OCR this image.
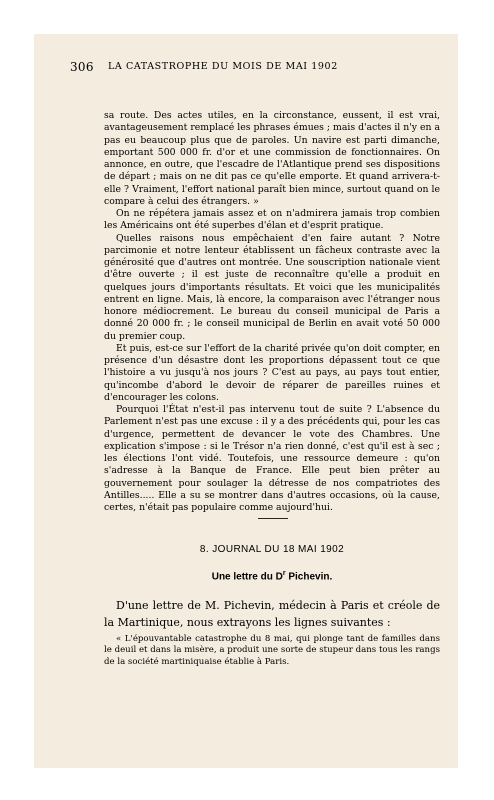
306 LA CATASTROPHE DU MOIS DE MAI 1902

sa route. Des actes utiles, en la circonstance, eussent, il est vrai, avantageusement remplacé les phrases émues ; mais d'actes il n'y en a pas eu beaucoup plus que de paroles. Un navire est parti dimanche, emportant 500 000 fr. d'or et une commission de fonctionnaires. On annonce, en outre, que l'escadre de l'Atlantique prend ses dispositions de départ ; mais on ne dit pas ce qu'elle emporte. Et quand arrivera-t-elle ? Vraiment, l'effort national paraît bien mince, surtout quand on le compare à celui des étrangers. »

On ne répétera jamais assez et on n'admirera jamais trop combien les Américains ont été superbes d'élan et d'esprit pratique.

Quelles raisons nous empêchaient d'en faire autant ? Notre parcimonie et notre lenteur établissent un fâcheux contraste avec la générosité que d'autres ont montrée. Une souscription nationale vient d'être ouverte ; il est juste de reconnaître qu'elle a produit en quelques jours d'importants résultats. Et voici que les municipalités entrent en ligne. Mais, là encore, la comparaison avec l'étranger nous honore médiocrement. Le bureau du conseil municipal de Paris a donné 20 000 fr. ; le conseil municipal de Berlin en avait voté 50 000 du premier coup.

Et puis, est-ce sur l'effort de la charité privée qu'on doit compter, en présence d'un désastre dont les proportions dépassent tout ce que l'histoire a vu jusqu'à nos jours ? C'est au pays, au pays tout entier, qu'incombe d'abord le devoir de réparer de pareilles ruines et d'encourager les colons.

Pourquoi l'État n'est-il pas intervenu tout de suite ? L'absence du Parlement n'est pas une excuse : il y a des précédents qui, pour les cas d'urgence, permettent de devancer le vote des Chambres. Une explication s'impose : si le Trésor n'a rien donné, c'est qu'il est à sec ; les élections l'ont vidé. Toutefois, une ressource demeure : qu'on s'adresse à la Banque de France. Elle peut bien prêter au gouvernement pour soulager la détresse de nos compatriotes des Antilles..... Elle a su se montrer dans d'autres occasions, où la cause, certes, n'était pas populaire comme aujourd'hui.

8. JOURNAL DU 18 MAI 1902
Une lettre du $D^r$ Pichevin.

D'une lettre de M. Pichevin, médecin à Paris et créole de la Martinique, nous extrayons les lignes suivantes :

« L'épouvantable catastrophe du 8 mai, qui plonge tant de familles dans le deuil et dans la misère, a produit une sorte de stupeur dans tous les rangs de la société martiniquaise établie à Paris.
